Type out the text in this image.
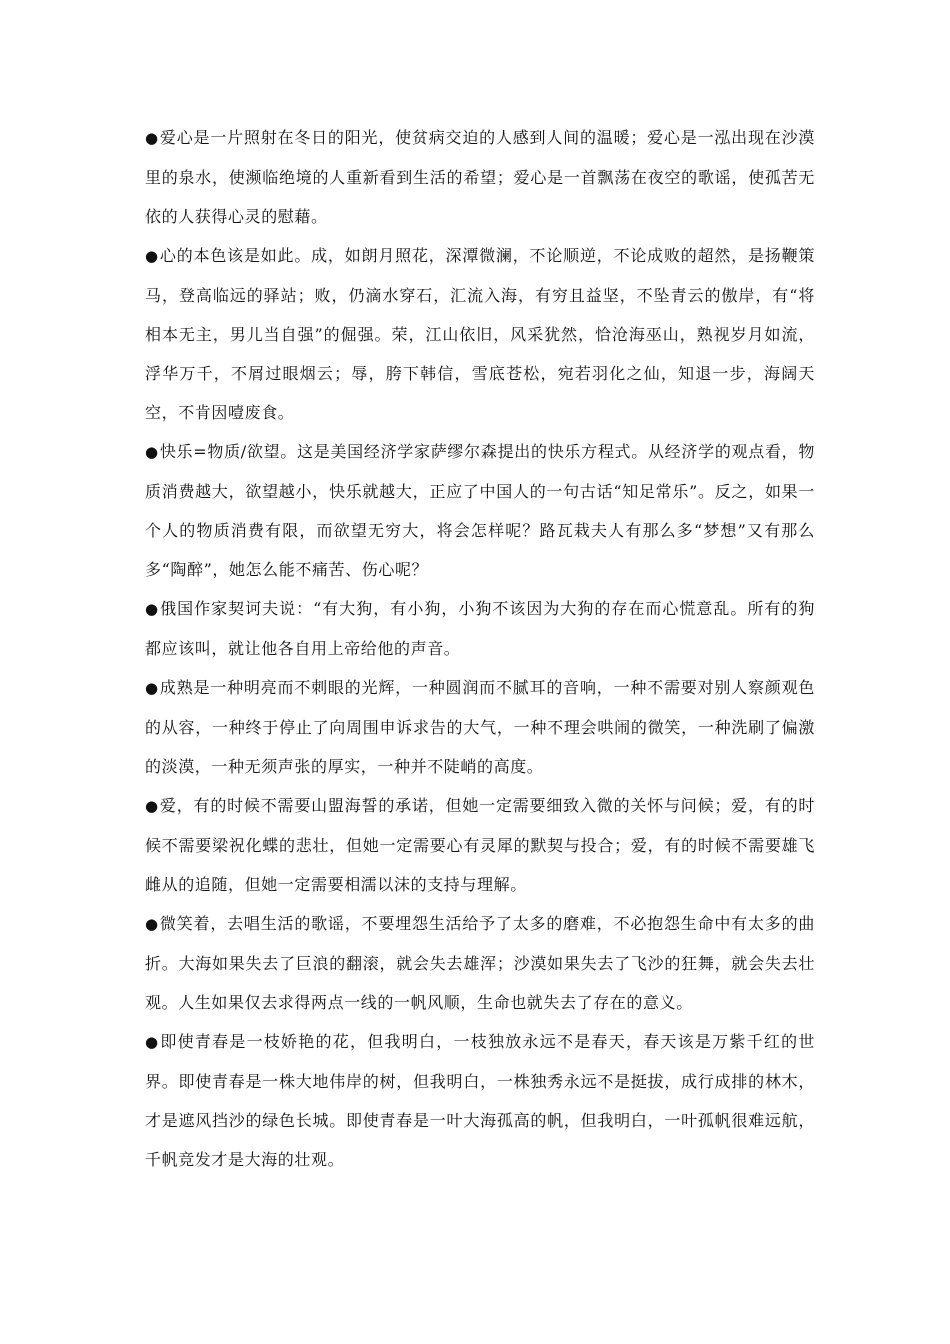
●爱心是一片照射在冬日的阳光，使贫病交迫的人感到人间的温暖；爱心是一泓出现在沙漠里的泉水，使濒临绝境的人重新看到生活的希望；爱心是一首飘荡在夜空的歌谣，使孤苦无依的人获得心灵的慰藉。

●心的本色该是如此。成，如朗月照花，深潭微澜，不论顺逆，不论成败的超然，是扬鞭策马，登高临远的驿站；败，仍滴水穿石，汇流入海，有穷且益坚，不坠青云的傲岸，有“将相本无主，男儿当自强”的倔强。荣，江山依旧，风采犹然，恰沧海巫山，熟视岁月如流，浮华万千，不屑过眼烟云；辱，胯下韩信，雪底苍松，宛若羽化之仙，知退一步，海阔天空，不肯因噎废食。

●快乐=物质/欲望。这是美国经济学家萨缪尔森提出的快乐方程式。从经济学的观点看，物质消费越大，欲望越小，快乐就越大，正应了中国人的一句古话“知足常乐”。反之，如果一个人的物质消费有限，而欲望无穷大，将会怎样呢？路瓦栽夫人有那么多“梦想”又有那么多“陶醉”，她怎么能不痛苦、伤心呢？

●俄国作家契诃夫说：“有大狗，有小狗，小狗不该因为大狗的存在而心慌意乱。所有的狗都应该叫，就让他各自用上帝给他的声音。

●成熟是一种明亮而不刺眼的光辉，一种圆润而不腻耳的音响，一种不需要对别人察颜观色的从容，一种终于停止了向周围申诉求告的大气，一种不理会哄闹的微笑，一种洗刷了偏激的淡漠，一种无须声张的厚实，一种并不陡峭的高度。

●爱，有的时候不需要山盟海誓的承诺，但她一定需要细致入微的关怀与问候；爱，有的时候不需要梁祝化蝶的悲壮，但她一定需要心有灵犀的默契与投合；爱，有的时候不需要雄飞雌从的追随，但她一定需要相濡以沫的支持与理解。

●微笑着，去唱生活的歌谣，不要埋怨生活给予了太多的磨难，不必抱怨生命中有太多的曲折。大海如果失去了巨浪的翻滚，就会失去雄浑；沙漠如果失去了飞沙的狂舞，就会失去壮观。人生如果仅去求得两点一线的一帆风顺，生命也就失去了存在的意义。

●即使青春是一枝娇艳的花，但我明白，一枝独放永远不是春天，春天该是万紫千红的世界。即使青春是一株大地伟岸的树，但我明白，一株独秀永远不是挺拔，成行成排的林木，才是遮风挡沙的绿色长城。即使青春是一叶大海孤高的帆，但我明白，一叶孤帆很难远航，千帆竞发才是大海的壮观。
